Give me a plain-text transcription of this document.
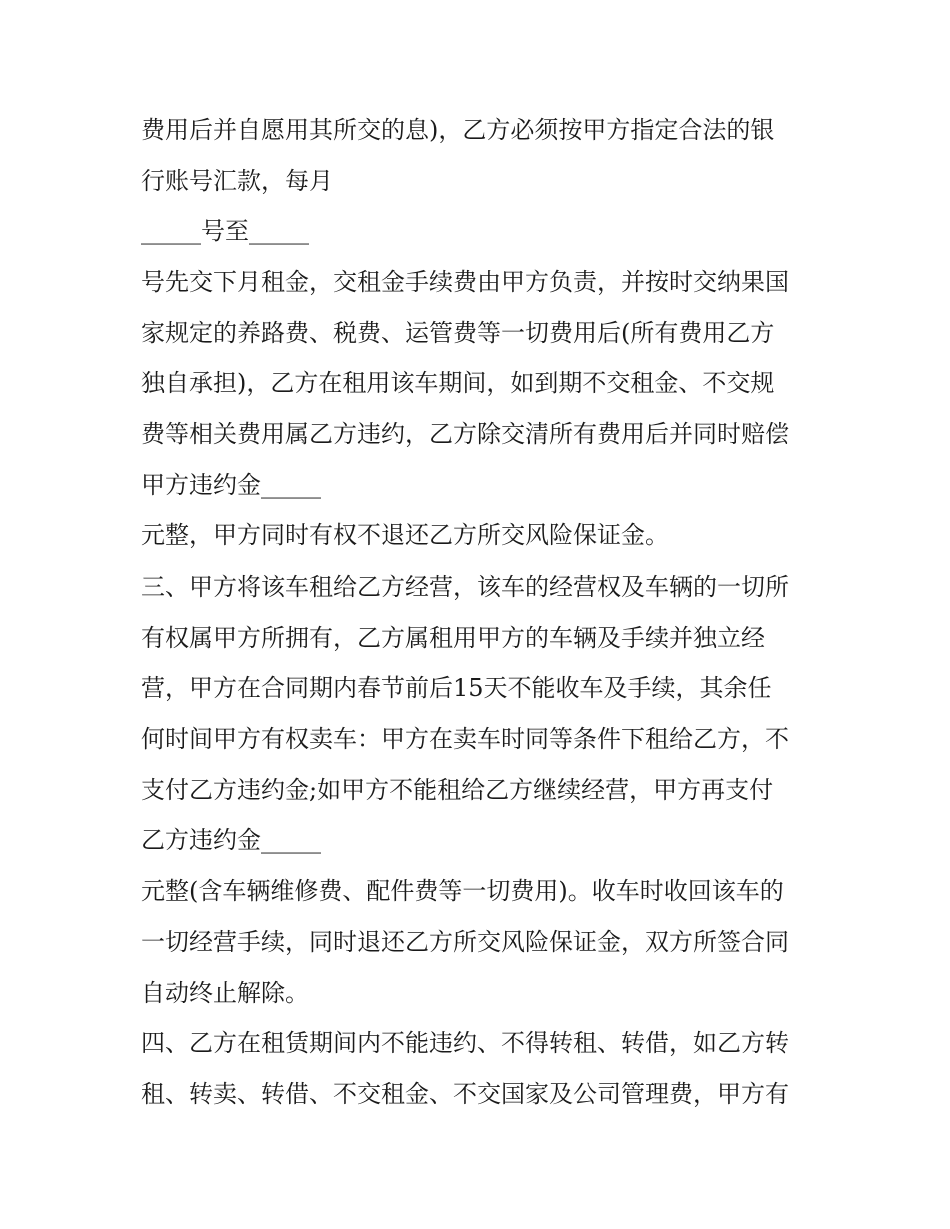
费用后并自愿用其所交的息)，乙方必须按甲方指定合法的银

行账号汇款，每月

_____号至_____

号先交下月租金，交租金手续费由甲方负责，并按时交纳果国

家规定的养路费、税费、运管费等一切费用后(所有费用乙方

独自承担)，乙方在租用该车期间，如到期不交租金、不交规

费等相关费用属乙方违约，乙方除交清所有费用后并同时赔偿

甲方违约金_____

元整，甲方同时有权不退还乙方所交风险保证金。

三、甲方将该车租给乙方经营，该车的经营权及车辆的一切所

有权属甲方所拥有，乙方属租用甲方的车辆及手续并独立经

营，甲方在合同期内春节前后15天不能收车及手续，其余任

何时间甲方有权卖车：甲方在卖车时同等条件下租给乙方，不

支付乙方违约金;如甲方不能租给乙方继续经营，甲方再支付

乙方违约金_____

元整(含车辆维修费、配件费等一切费用)。收车时收回该车的

一切经营手续，同时退还乙方所交风险保证金，双方所签合同

自动终止解除。

四、乙方在租赁期间内不能违约、不得转租、转借，如乙方转

租、转卖、转借、不交租金、不交国家及公司管理费，甲方有
